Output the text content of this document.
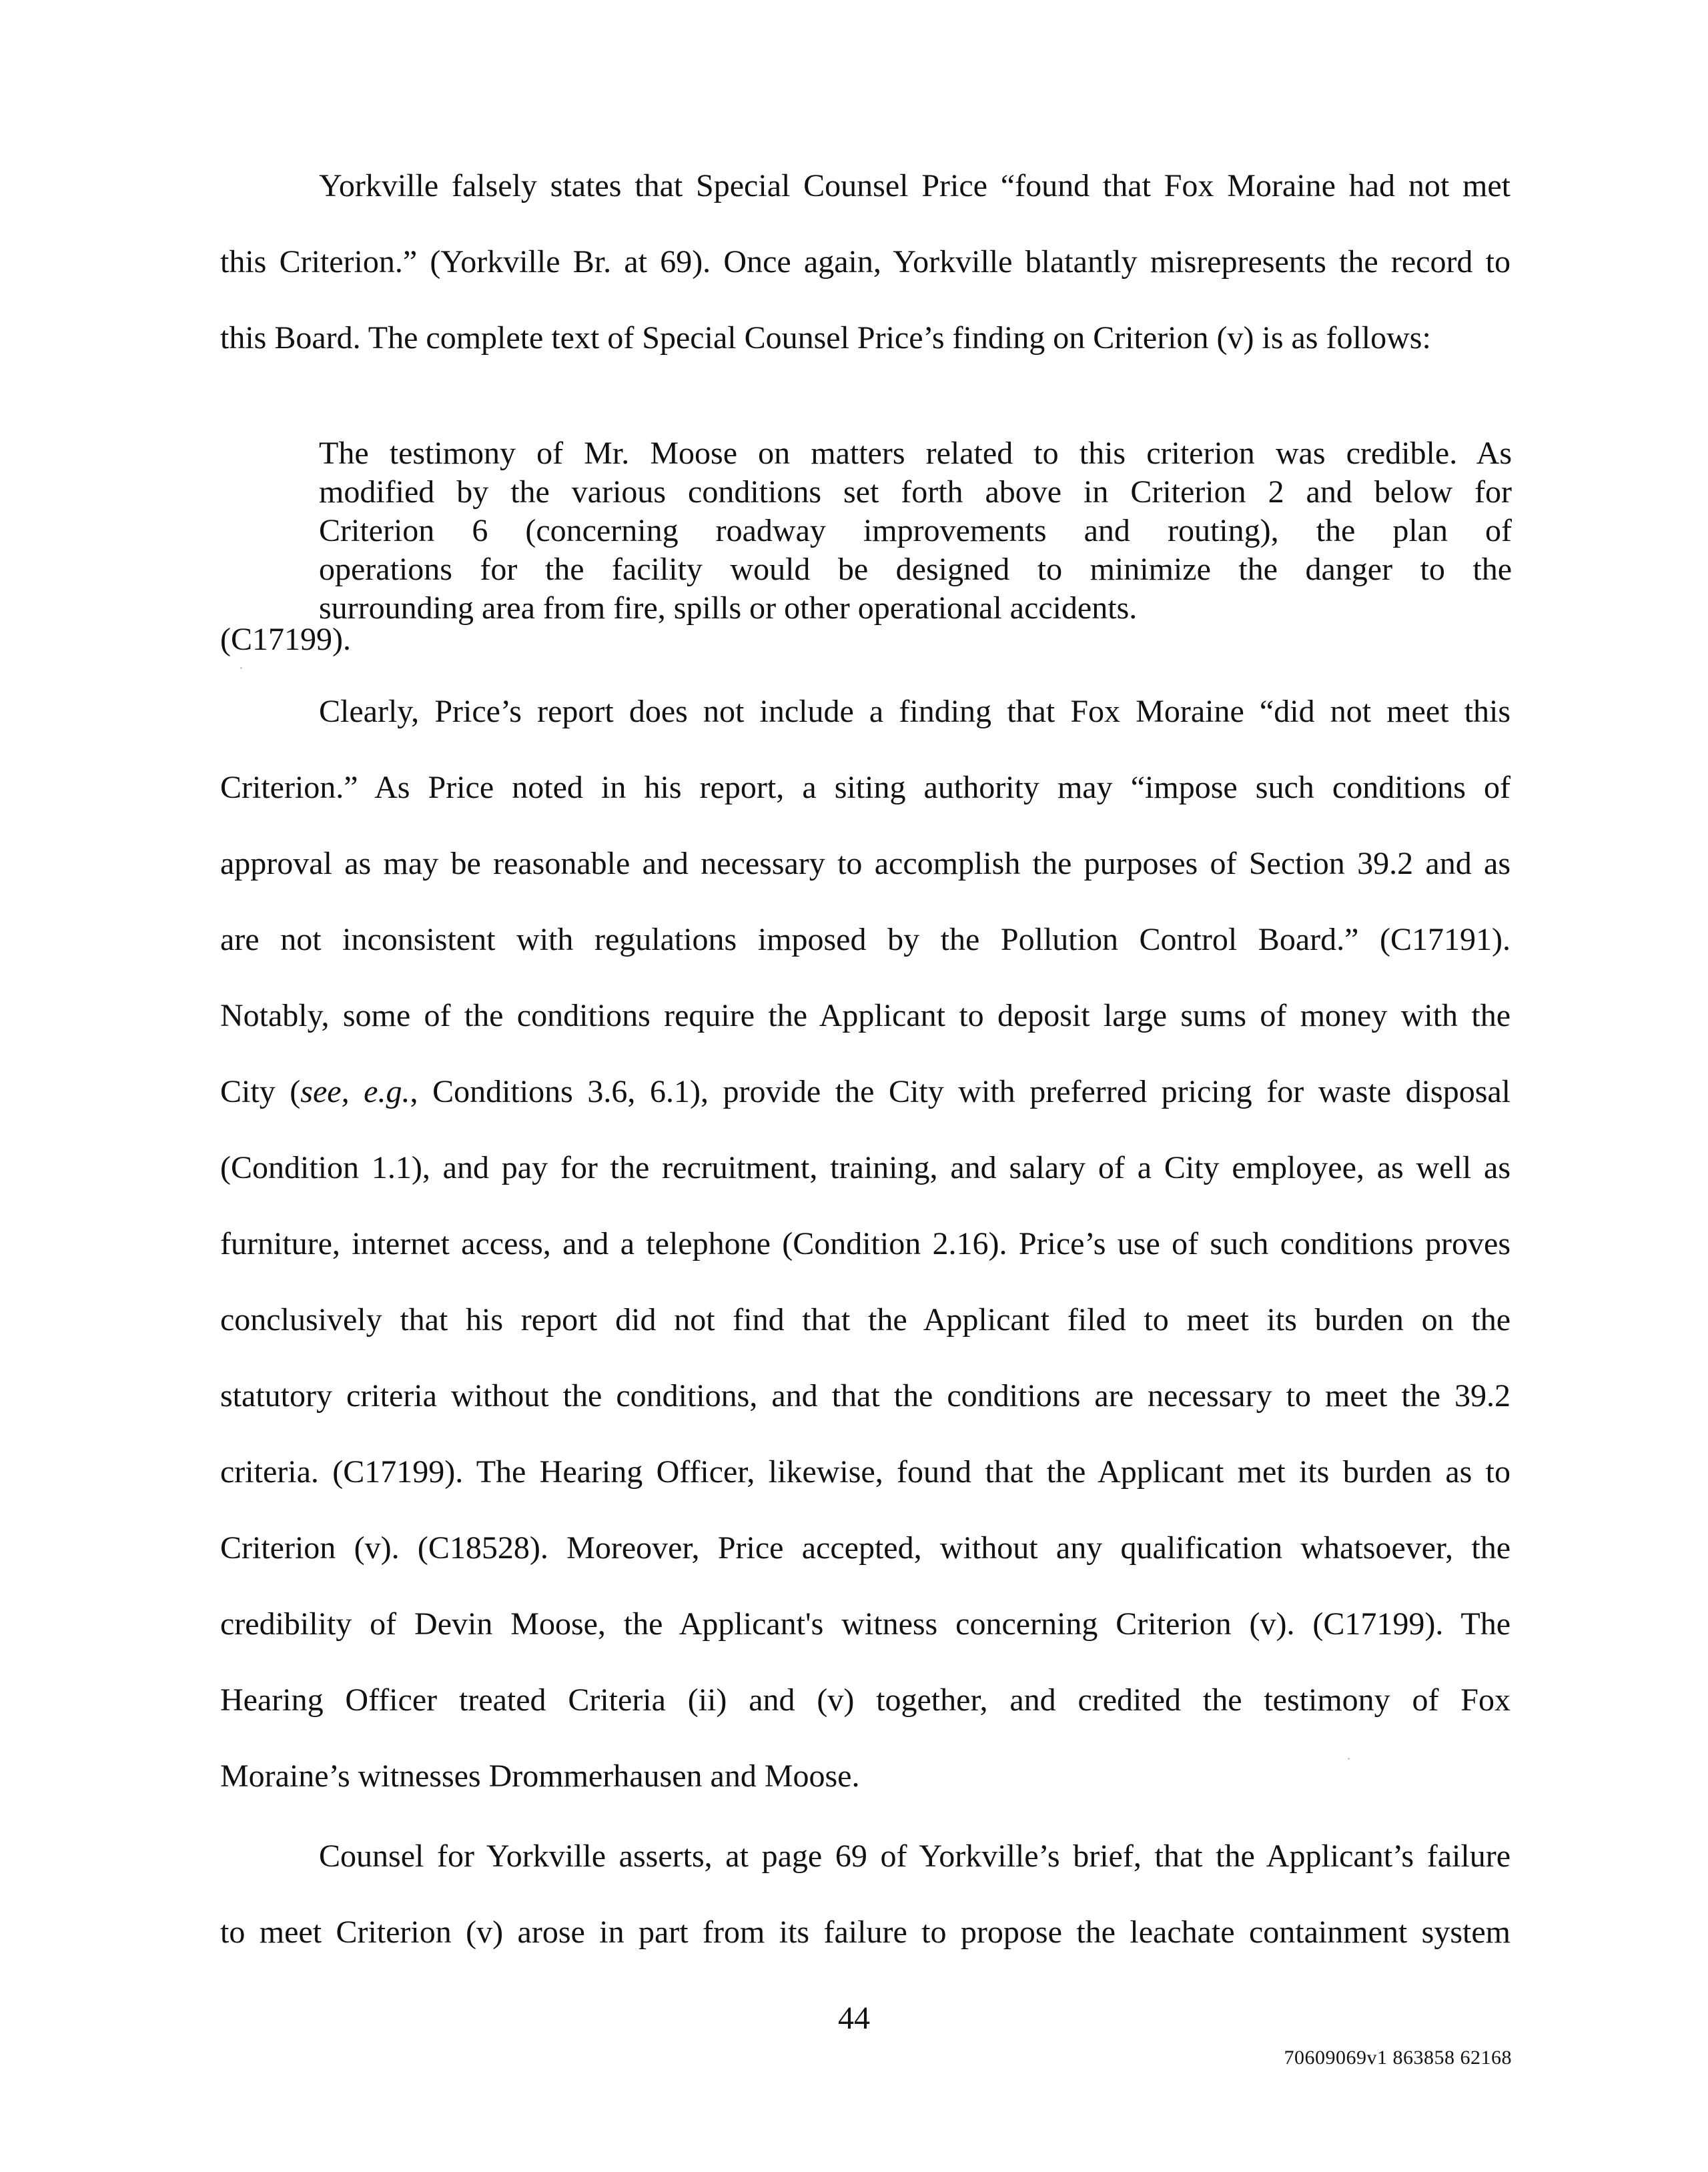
Yorkville falsely states that Special Counsel Price “found that Fox Moraine had not met
this Criterion.” (Yorkville Br. at 69). Once again, Yorkville blatantly misrepresents the record to
this Board. The complete text of Special Counsel Price’s finding on Criterion (v) is as follows:
The testimony of Mr. Moose on matters related to this criterion was credible. As
modified by the various conditions set forth above in Criterion 2 and below for
Criterion 6 (concerning roadway improvements and routing), the plan of
operations for the facility would be designed to minimize the danger to the
surrounding area from fire, spills or other operational accidents.
(C17199).
Clearly, Price’s report does not include a finding that Fox Moraine “did not meet this
Criterion.” As Price noted in his report, a siting authority may “impose such conditions of
approval as may be reasonable and necessary to accomplish the purposes of Section 39.2 and as
are not inconsistent with regulations imposed by the Pollution Control Board.” (C17191).
Notably, some of the conditions require the Applicant to deposit large sums of money with the
City (see, e.g., Conditions 3.6, 6.1), provide the City with preferred pricing for waste disposal
(Condition 1.1), and pay for the recruitment, training, and salary of a City employee, as well as
furniture, internet access, and a telephone (Condition 2.16). Price’s use of such conditions proves
conclusively that his report did not find that the Applicant filed to meet its burden on the
statutory criteria without the conditions, and that the conditions are necessary to meet the 39.2
criteria. (C17199). The Hearing Officer, likewise, found that the Applicant met its burden as to
Criterion (v). (C18528). Moreover, Price accepted, without any qualification whatsoever, the
credibility of Devin Moose, the Applicant's witness concerning Criterion (v). (C17199). The
Hearing Officer treated Criteria (ii) and (v) together, and credited the testimony of Fox
Moraine’s witnesses Drommerhausen and Moose.
Counsel for Yorkville asserts, at page 69 of Yorkville’s brief, that the Applicant’s failure
to meet Criterion (v) arose in part from its failure to propose the leachate containment system
44
70609069v1 863858 62168
